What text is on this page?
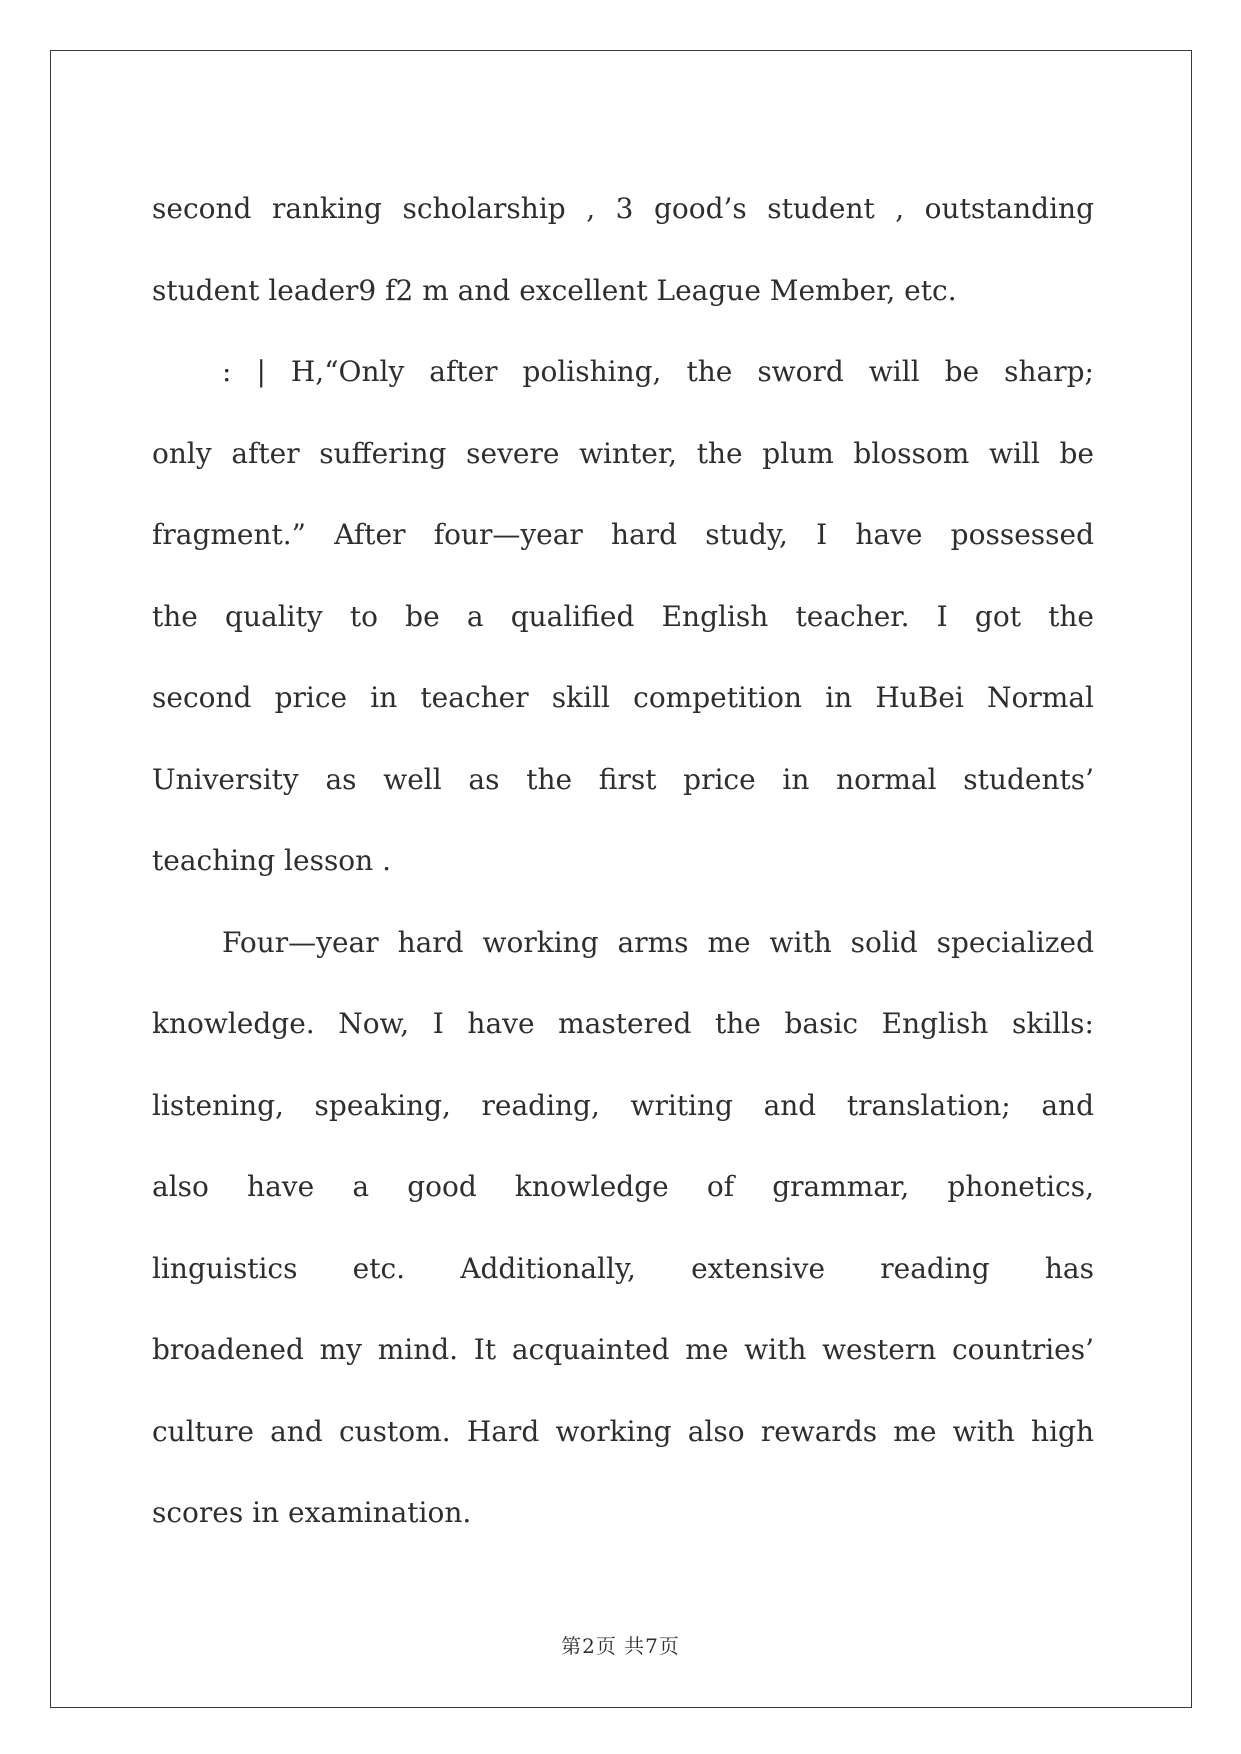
second ranking scholarship , 3 good’s student , outstanding
student leader9 f2 m and excellent League Member, etc.

: | H,“Only after polishing, the sword will be sharp;
only after suffering severe winter, the plum blossom will be
fragment.” After four—year hard study, I have possessed
the quality to be a qualified English teacher. I got the
second price in teacher skill competition in HuBei Normal
University as well as the first price in normal students’
teaching lesson .

Four—year hard working arms me with solid specialized
knowledge. Now, I have mastered the basic English skills:
listening, speaking, reading, writing and translation; and
also have a good knowledge of grammar, phonetics,
linguistics etc. Additionally, extensive reading has
broadened my mind. It acquainted me with western countries’
culture and custom. Hard working also rewards me with high
scores in examination.

第2页 共7页
